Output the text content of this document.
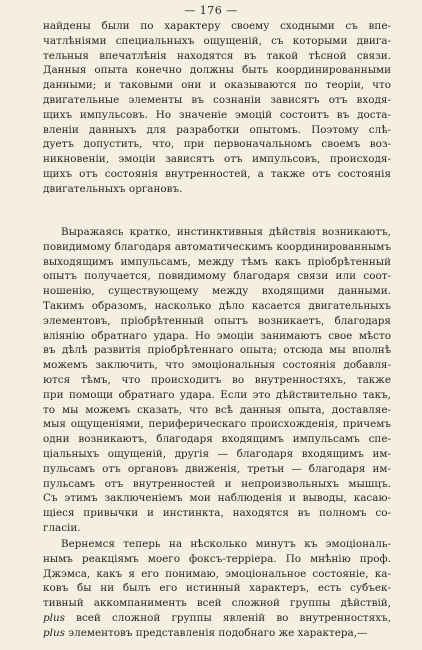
— 176 —
найдены были по характеру своему сходными съ впе-
чатлѣніями специальныхъ ощущеній, съ которыми двига-
тельныя впечатлѣнія находятся въ такой тѣсной связи.
Данныя опыта конечно должны быть координированными
данными; и таковыми они и оказываются по теоріи, что
двигательные элементы въ сознаніи зависятъ отъ входя-
щихъ импульсовъ. Но значеніе эмоцій состоитъ въ доста-
вленіи данныхъ для разработки опытомъ. Поэтому слѣ-
дуетъ допустить, что, при первоначальномъ своемъ воз-
никновеніи, эмоціи зависятъ отъ импульсовъ, происходя-
щихъ отъ состоянія внутренностей, а также отъ состоянія
двигательныхъ органовъ.
Выражаясь кратко, инстинктивныя дѣйствія возникаютъ,
повидимому благодаря автоматическимъ координированнымъ
выходящимъ импульсамъ, между тѣмъ какъ пріобрѣтенный
опытъ получается, повидимому благодаря связи или соот-
ношенію, существующему между входящими данными.
Такимъ образомъ, насколько дѣло касается двигательныхъ
элементовъ, пріобрѣтенный опытъ возникаетъ, благодаря
вліянію обратнаго удара. Но эмоціи занимаютъ свое мѣсто
въ дѣлѣ развитія пріобрѣтеннаго опыта; отсюда мы вполнѣ
можемъ заключить, что эмоціональныя состоянія добавля-
ются тѣмъ, что происходитъ во внутренностяхъ, также
при помощи обратнаго удара. Если это дѣйствительно такъ,
то мы можемъ сказать, что всѣ данныя опыта, доставляе-
мыя ощущеніями, периферическаго происхожденія, причемъ
одни возникаютъ, благодаря входящимъ импульсамъ спе-
ціальныхъ ощущеній, другія — благодаря входящимъ им-
пульсамъ отъ органовъ движенія, третьи — благодаря им-
пульсамъ отъ внутренностей и непроизвольныхъ мышцъ.
Съ этимъ заключеніемъ мои наблюденія и выводы, касаю-
щіеся привычки и инстинкта, находятся въ полномъ со-
гласіи.
Вернемся теперь на нѣсколько минутъ къ эмоціональ-
нымъ реакціямъ моего фоксъ-терріера. По мнѣнію проф.
Джэмса, какъ я его понимаю, эмоціональное состояніе, ка-
ковъ бы ни былъ его истинный характеръ, есть субъек-
тивный аккомпанименть всей сложной группы дѣйствій,
plus всей сложной группы явленій во внутренностяхъ,
plus элементовъ представленія подобнаго же характера,—
